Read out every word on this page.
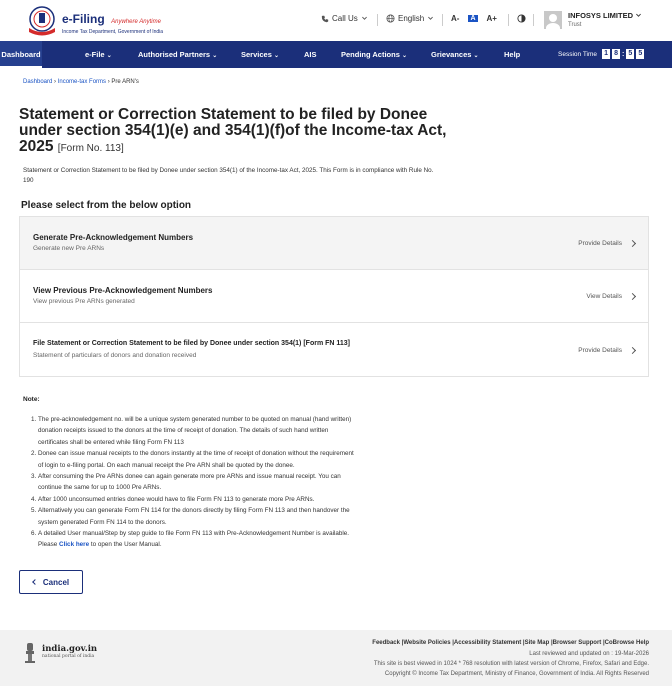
e-Filing Anywhere Anytime
Income Tax Department, Government of India
Call Us	English	A- A A+	INFOSYS LIMITED
Trust
Dashboard	e-File ⌄	Authorised Partners ⌄	Services ⌄	AIS	Pending Actions ⌄	Grievances ⌄	Help	Session Time 1 8 : 5 5
Dashboard › Income-tax Forms › Pre ARN's
Statement or Correction Statement to be filed by Donee under section 354(1)(e) and 354(1)(f)of the Income-tax Act, 2025 [Form No. 113]
Statement or Correction Statement to be filed by Donee under section 354(1) of the Income-tax Act, 2025. This Form is in compliance with Rule No. 190
Please select from the below option
Generate Pre-Acknowledgement Numbers
Generate new Pre ARNs
Provide Details
View Previous Pre-Acknowledgement Numbers
View previous Pre ARNs generated
View Details
File Statement or Correction Statement to be filed by Donee under section 354(1) [Form FN 113]
Statement of particulars of donors and donation received
Provide Details
Note:
1. The pre-acknowledgement no. will be a unique system generated number to be quoted on manual (hand written)
donation receipts issued to the donors at the time of receipt of donation. The details of such hand written
certificates shall be entered while filing Form FN 113
2. Donee can issue manual receipts to the donors instantly at the time of receipt of donation without the requirement
of login to e-filing portal. On each manual receipt the Pre ARN shall be quoted by the donee.
3. After consuming the Pre ARNs donee can again generate more pre ARNs and issue manual receipt. You can
continue the same for up to 1000 Pre ARNs.
4. After 1000 unconsumed entries donee would have to file Form FN 113 to generate more Pre ARNs.
5. Alternatively you can generate Form FN 114 for the donors directly by filing Form FN 113 and then handover the
system generated Form FN 114 to the donors.
6. A detailed User manual/Step by step guide to file Form FN 113 with Pre-Acknowledgement Number is available.
Please Click here to open the User Manual.
Cancel
india.gov.in
national portal of india
Feedback |Website Policies |Accessibility Statement |Site Map |Browser Support |CoBrowse Help
Last reviewed and updated on : 19-Mar-2026
This site is best viewed in 1024 * 768 resolution with latest version of Chrome, Firefox, Safari and Edge.
Copyright © Income Tax Department, Ministry of Finance, Government of India. All Rights Reserved
